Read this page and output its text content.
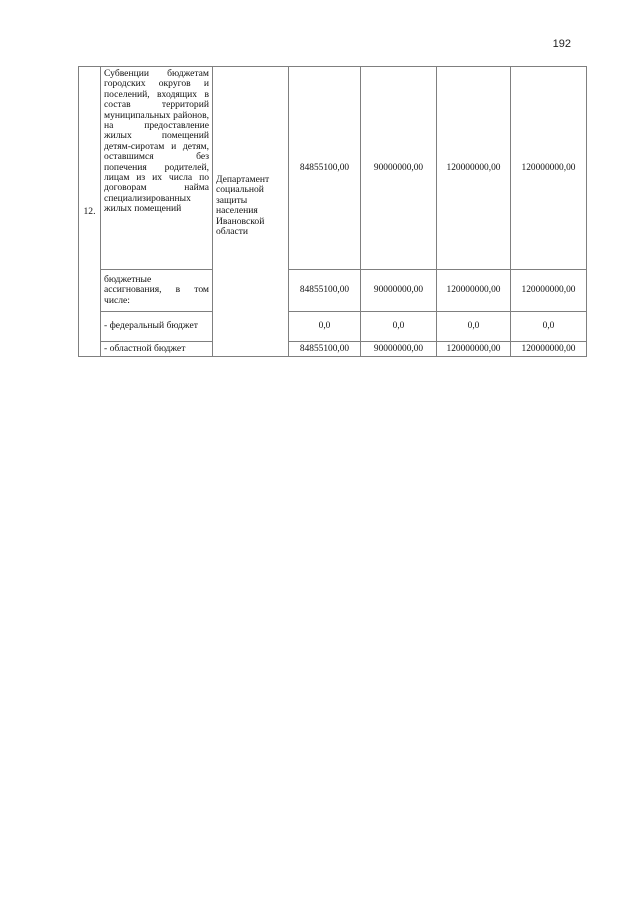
192
12.	Субвенции бюджетам городских округов и поселений, входящих в состав территорий муниципальных районов, на предоставление жилых помещений детям-сиротам и детям, оставшимся без попечения родителей, лицам из их числа по договорам найма специализированных жилых помещений	Департамент социальной защиты населения Ивановской области	84855100,00	90000000,00	120000000,00	120000000,00
	бюджетные ассигнования, в том числе:		84855100,00	90000000,00	120000000,00	120000000,00
	- федеральный бюджет		0,0	0,0	0,0	0,0
	- областной бюджет		84855100,00	90000000,00	120000000,00	120000000,00
